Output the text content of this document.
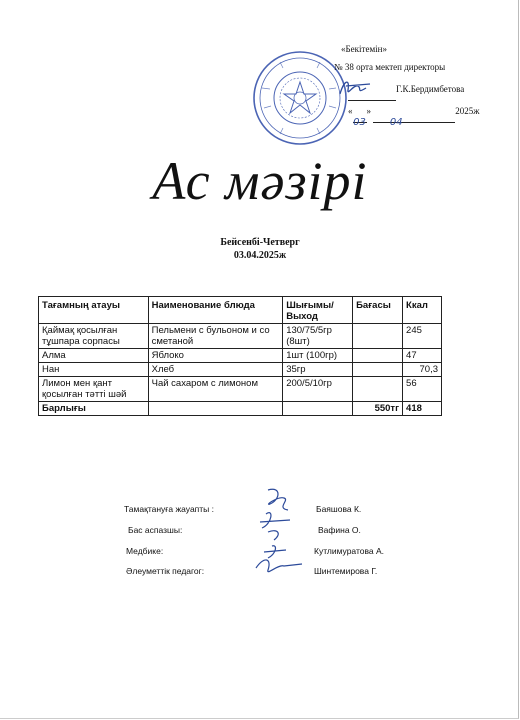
«Бекітемін»
№ 38 орта мектеп директоры
Г.К.Бердимбетова
«03» 042025ж
Ас мәзірі
Бейсенбі-Четверг
03.04.2025ж
Тағамның атауы	Наименование блюда	Шығымы/ Выход	Бағасы	Ккал
Қаймақ қосылған тұшпара сорпасы	Пельмени с бульоном и со сметаной	130/75/5гр (8шт)		245
Алма	Яблоко	1шт (100гр)		47
Нан	Хлеб	35гр		70,3
Лимон мен қант қосылған тәтті шәй	Чай сахаром с лимоном	200/5/10гр		56
Барлығы			550тг	418
Тамақтануға жауапты :	Баяшова К.
Бас аспазшы:	Вафина О.
Медбике:	Кутлимуратова А.
Әлеуметтік педагог:	Шинтемирова Г.
